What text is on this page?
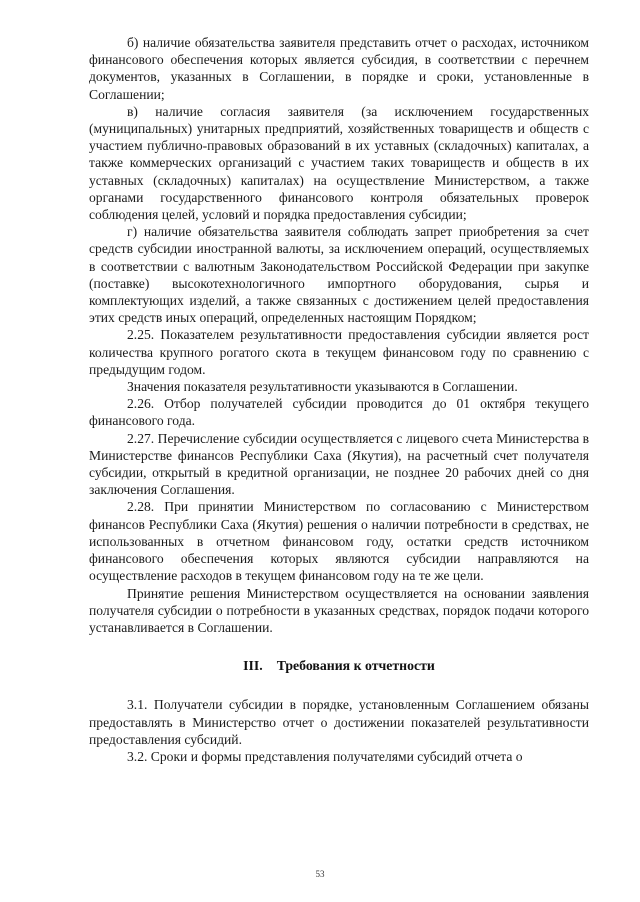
б) наличие обязательства заявителя представить отчет о расходах, источником финансового обеспечения которых является субсидия, в соответствии с перечнем документов, указанных в Соглашении, в порядке и сроки, установленные в Соглашении;

в) наличие согласия заявителя (за исключением государственных (муниципальных) унитарных предприятий, хозяйственных товариществ и обществ с участием публично-правовых образований в их уставных (складочных) капиталах, а также коммерческих организаций с участием таких товариществ и обществ в их уставных (складочных) капиталах) на осуществление Министерством, а также органами государственного финансового контроля обязательных проверок соблюдения целей, условий и порядка предоставления субсидии;

г) наличие обязательства заявителя соблюдать запрет приобретения за счет средств субсидии иностранной валюты, за исключением операций, осуществляемых в соответствии с валютным Законодательством Российской Федерации при закупке (поставке) высокотехнологичного импортного оборудования, сырья и комплектующих изделий, а также связанных с достижением целей предоставления этих средств иных операций, определенных настоящим Порядком;

2.25. Показателем результативности предоставления субсидии является рост количества крупного рогатого скота в текущем финансовом году по сравнению с предыдущим годом.

Значения показателя результативности указываются в Соглашении.

2.26. Отбор получателей субсидии проводится до 01 октября текущего финансового года.

2.27. Перечисление субсидии осуществляется с лицевого счета Министерства в Министерстве финансов Республики Саха (Якутия), на расчетный счет получателя субсидии, открытый в кредитной организации, не позднее 20 рабочих дней со дня заключения Соглашения.

2.28. При принятии Министерством по согласованию с Министерством финансов Республики Саха (Якутия) решения о наличии потребности в средствах, не использованных в отчетном финансовом году, остатки средств источником финансового обеспечения которых являются субсидии направляются на осуществление расходов в текущем финансовом году на те же цели.

Принятие решения Министерством осуществляется на основании заявления получателя субсидии о потребности в указанных средствах, порядок подачи которого устанавливается в Соглашении.

III. Требования к отчетности

3.1. Получатели субсидии в порядке, установленным Соглашением обязаны предоставлять в Министерство отчет о достижении показателей результативности предоставления субсидий.

3.2. Сроки и формы представления получателями субсидий отчета о

53
